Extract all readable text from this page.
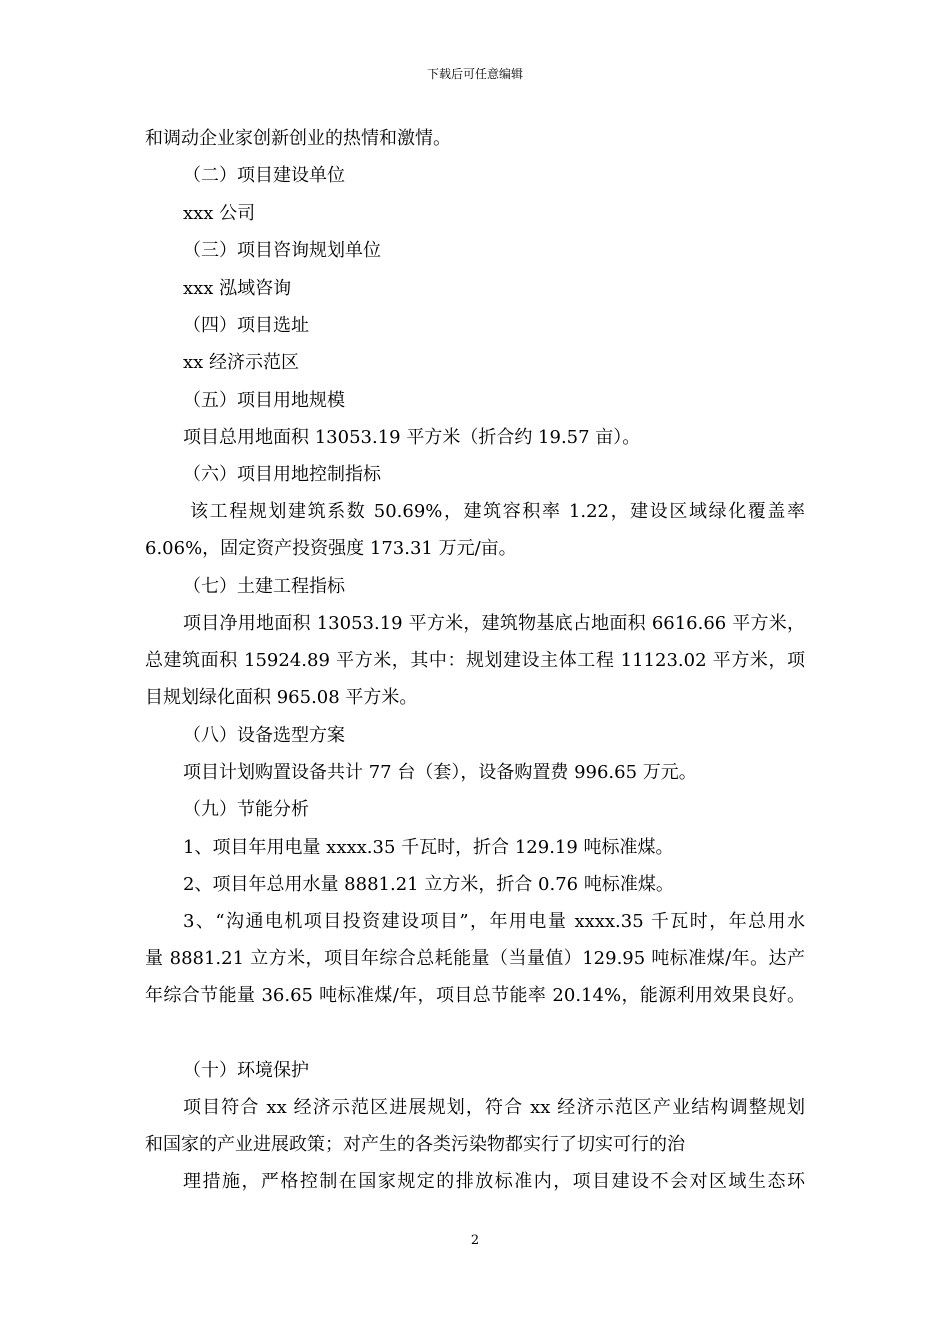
下载后可任意编辑
和调动企业家创新创业的热情和激情。
（二）项目建设单位
xxx 公司
（三）项目咨询规划单位
xxx 泓域咨询
（四）项目选址
xx 经济示范区
（五）项目用地规模
项目总用地面积 13053.19 平方米（折合约 19.57 亩）。
（六）项目用地控制指标
该工程规划建筑系数 50.69%，建筑容积率 1.22，建设区域绿化覆盖率
6.06%，固定资产投资强度 173.31 万元/亩。
（七）土建工程指标
项目净用地面积 13053.19 平方米，建筑物基底占地面积 6616.66 平方米，
总建筑面积 15924.89 平方米，其中：规划建设主体工程 11123.02 平方米，项
目规划绿化面积 965.08 平方米。
（八）设备选型方案
项目计划购置设备共计 77 台（套），设备购置费 996.65 万元。
（九）节能分析
1、项目年用电量 xxxx.35 千瓦时，折合 129.19 吨标准煤。
2、项目年总用水量 8881.21 立方米，折合 0.76 吨标准煤。
3、“沟通电机项目投资建设项目”，年用电量 xxxx.35 千瓦时，年总用水
量 8881.21 立方米，项目年综合总耗能量（当量值）129.95 吨标准煤/年。达产
年综合节能量 36.65 吨标准煤/年，项目总节能率 20.14%，能源利用效果良好。
（十）环境保护
项目符合 xx 经济示范区进展规划，符合 xx 经济示范区产业结构调整规划
和国家的产业进展政策；对产生的各类污染物都实行了切实可行的治
理措施，严格控制在国家规定的排放标准内，项目建设不会对区域生态环
2
